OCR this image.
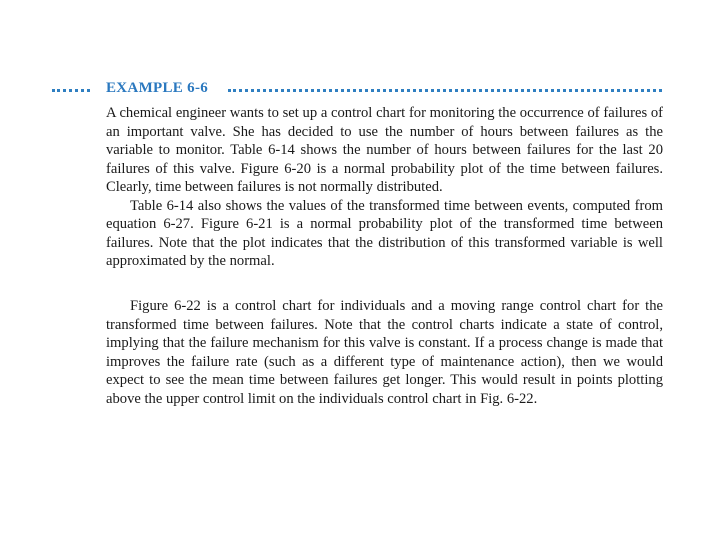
EXAMPLE 6-6

A chemical engineer wants to set up a control chart for monitoring the occurrence of failures of an important valve. She has decided to use the number of hours between failures as the variable to monitor. Table 6-14 shows the number of hours between failures for the last 20 failures of this valve. Figure 6-20 is a normal probability plot of the time between failures. Clearly, time between failures is not normally distributed.

Table 6-14 also shows the values of the transformed time between events, computed from equation 6-27. Figure 6-21 is a normal probability plot of the transformed time between failures. Note that the plot indicates that the distribution of this transformed variable is well approximated by the normal.

Figure 6-22 is a control chart for individuals and a moving range control chart for the transformed time between failures. Note that the control charts indicate a state of control, implying that the failure mechanism for this valve is constant. If a process change is made that improves the failure rate (such as a different type of maintenance action), then we would expect to see the mean time between failures get longer. This would result in points plotting above the upper control limit on the individuals control chart in Fig. 6-22.
